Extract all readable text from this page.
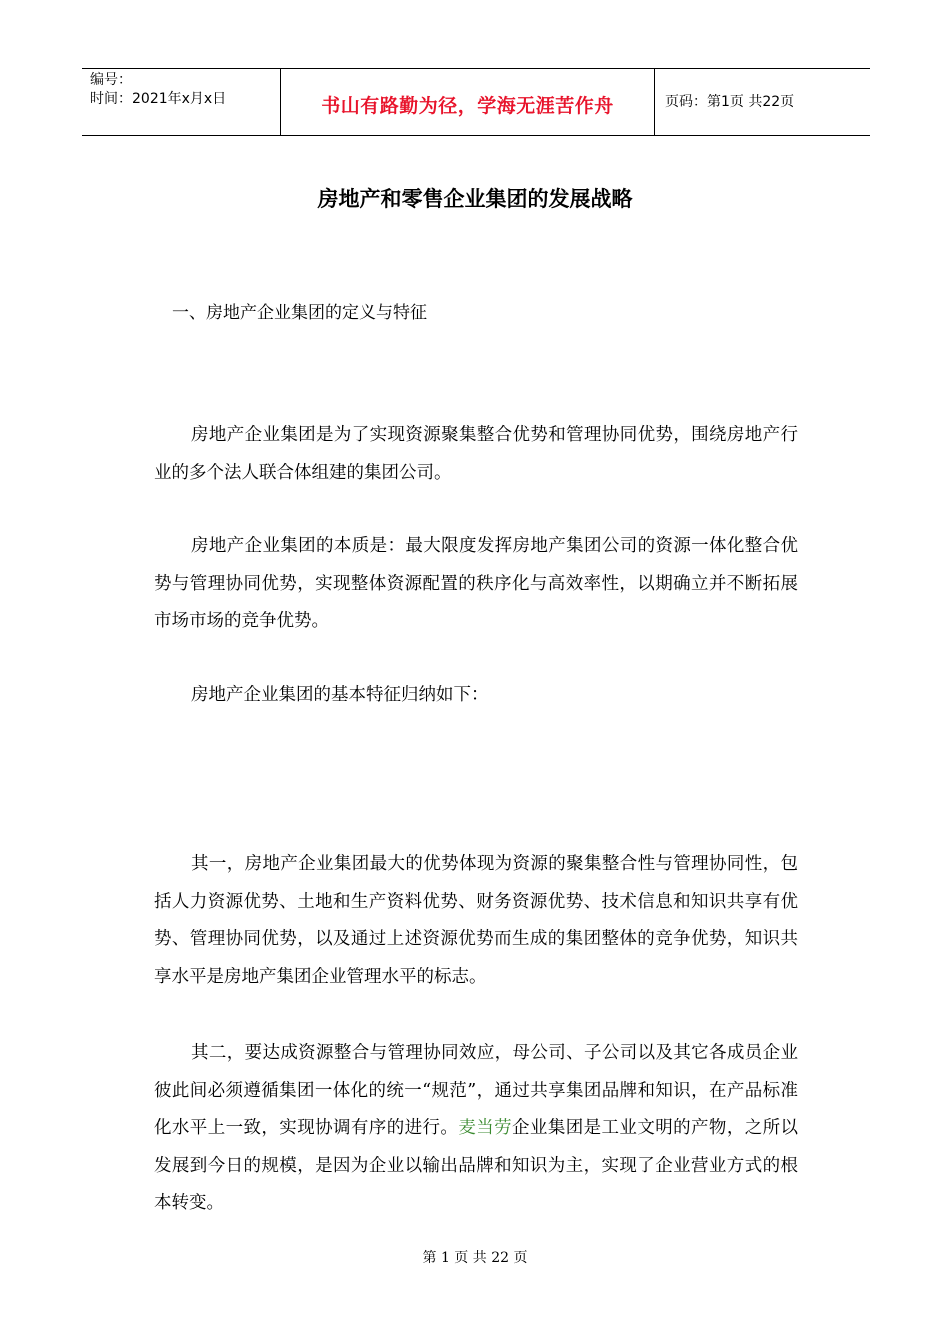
编号：
时间：2021年x月x日	书山有路勤为径，学海无涯苦作舟	页码：第1页 共22页
房地产和零售企业集团的发展战略
一、房地产企业集团的定义与特征

房地产企业集团是为了实现资源聚集整合优势和管理协同优势，围绕房地产行业的多个法人联合体组建的集团公司。

房地产企业集团的本质是：最大限度发挥房地产集团公司的资源一体化整合优势与管理协同优势，实现整体资源配置的秩序化与高效率性，以期确立并不断拓展市场市场的竞争优势。

房地产企业集团的基本特征归纳如下：

其一，房地产企业集团最大的优势体现为资源的聚集整合性与管理协同性，包括人力资源优势、土地和生产资料优势、财务资源优势、技术信息和知识共享有优势、管理协同优势，以及通过上述资源优势而生成的集团整体的竞争优势，知识共享水平是房地产集团企业管理水平的标志。

其二，要达成资源整合与管理协同效应，母公司、子公司以及其它各成员企业彼此间必须遵循集团一体化的统一“规范”，通过共享集团品牌和知识，在产品标准化水平上一致，实现协调有序的进行。麦当劳企业集团是工业文明的产物，之所以发展到今日的规模，是因为企业以输出品牌和知识为主，实现了企业营业方式的根本转变。

第 1 页 共 22 页
